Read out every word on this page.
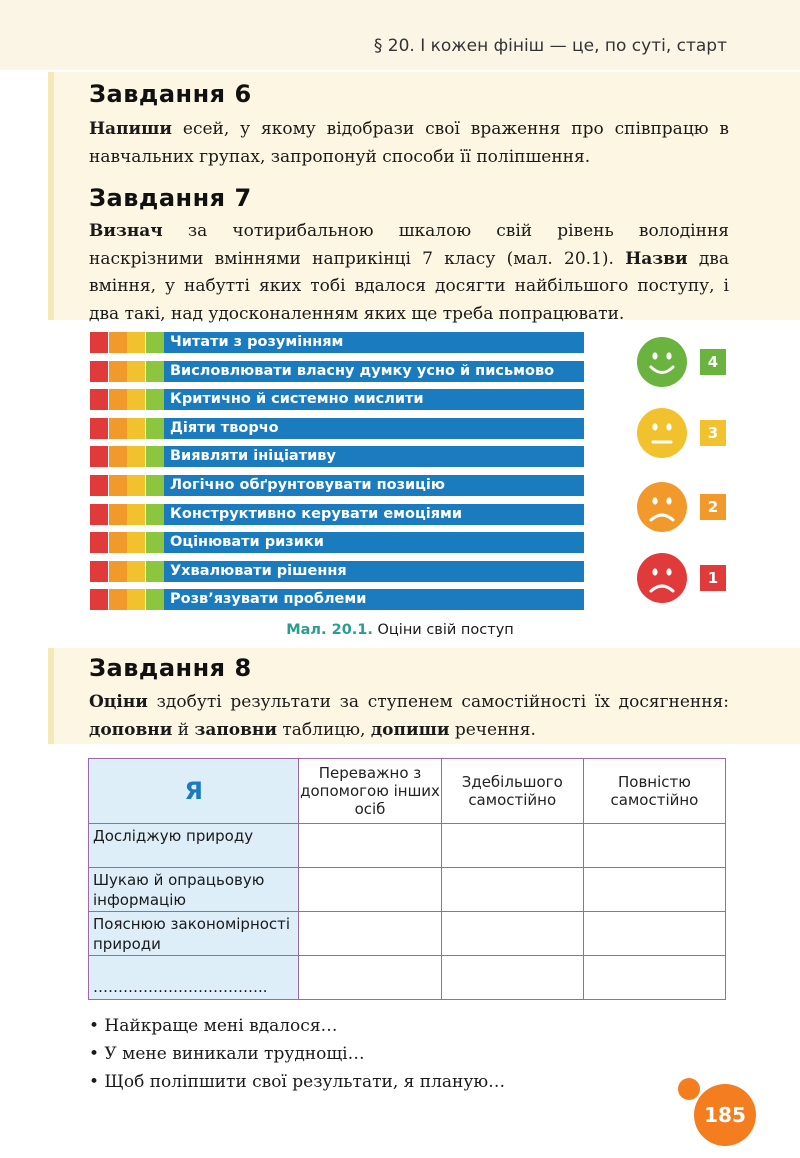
§ 20. І кожен фініш — це, по суті, старт
Завдання 6
Напиши есей, у якому відобрази свої враження про співпрацю в навчальних групах, запропонуй способи її поліпшення.
Завдання 7
Визнач за чотирибальною шкалою свій рівень володіння наскрізними вміннями наприкінці 7 класу (мал. 20.1). Назви два вміння, у набутті яких тобі вдалося досягти найбільшого поступу, і два такі, над удосконаленням яких ще треба попрацювати.
Читати з розумінням
Висловлювати власну думку усно й письмово
Критично й системно мислити
Діяти творчо
Виявляти ініціативу
Логічно обґрунтовувати позицію
Конструктивно керувати емоціями
Оцінювати ризики
Ухвалювати рішення
Розв’язувати проблеми
4
3
2
1
Мал. 20.1. Оціни свій поступ
Завдання 8
Оціни здобуті результати за ступенем самостійності їх досягнення: доповни й заповни таблицю, допиши речення.
Я	Переважно з допомогою інших осіб	Здебільшого самостійно	Повністю самостійно
Досліджую природу			
Шукаю й опрацьовую інформацію			
Пояснюю закономірності природи			
……………………………..			
• Найкраще мені вдалося…
• У мене виникали труднощі…
• Щоб поліпшити свої результати, я планую…
185
